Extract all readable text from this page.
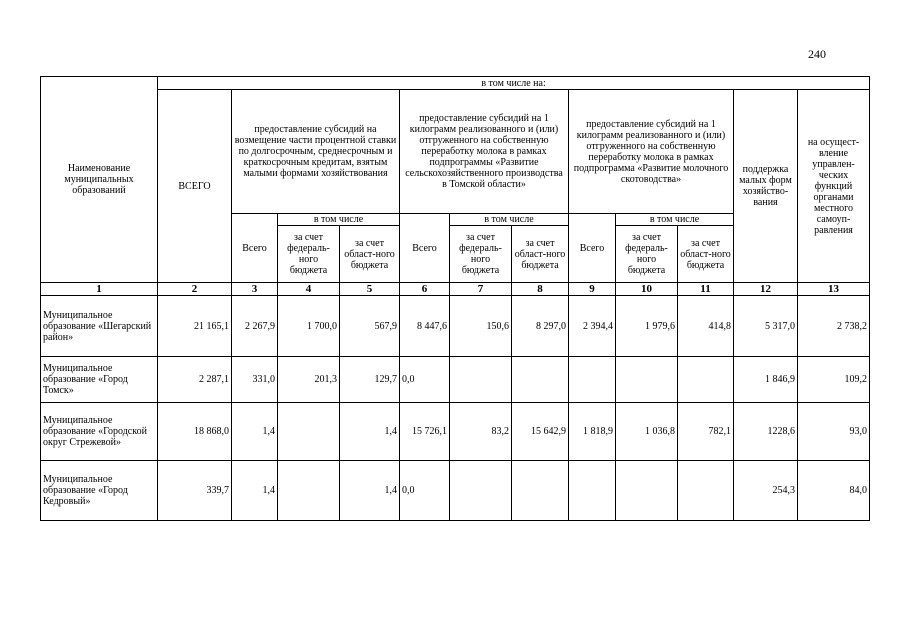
240
Наименование муниципальных образований	в том числе на:											
	ВСЕГО	предоставление субсидий на возмещение части процентной ставки по долгосрочным, среднесрочным и краткосрочным кредитам, взятым малыми формами хозяйствования			предоставление субсидий на 1 килограмм реализованного и (или) отгруженного на собственную переработку молока в рамках подпрограммы «Развитие сельскохозяйственного производства в Томской области»			предоставление субсидий на 1 килограмм реализованного и (или) отгруженного на собственную переработку молока в рамках подпрограмма «Развитие молочного скотоводства»			поддержка малых форм хозяйство-вания	на осущест-вление управлен-ческих функций органами местного самоуп-равления
		Всего	в том числе		Всего	в том числе		Всего	в том числе			
			за счет федераль-ного бюджета	за счет област-ного бюджета		за счет федераль-ного бюджета	за счет област-ного бюджета		за счет федераль-ного бюджета	за счет област-ного бюджета		
1	2	3	4	5	6	7	8	9	10	11	12	13
Муниципальное образование «Шегарский район»	21 165,1	2 267,9	1 700,0	567,9	8 447,6	150,6	8 297,0	2 394,4	1 979,6	414,8	5 317,0	2 738,2
Муниципальное образование «Город Томск»	2 287,1	331,0	201,3	129,7	0,0						1 846,9	109,2
Муниципальное образование «Городской округ Стрежевой»	18 868,0	1,4		1,4	15 726,1	83,2	15 642,9	1 818,9	1 036,8	782,1	1228,6	93,0
Муниципальное образование «Город Кедровый»	339,7	1,4		1,4	0,0						254,3	84,0
